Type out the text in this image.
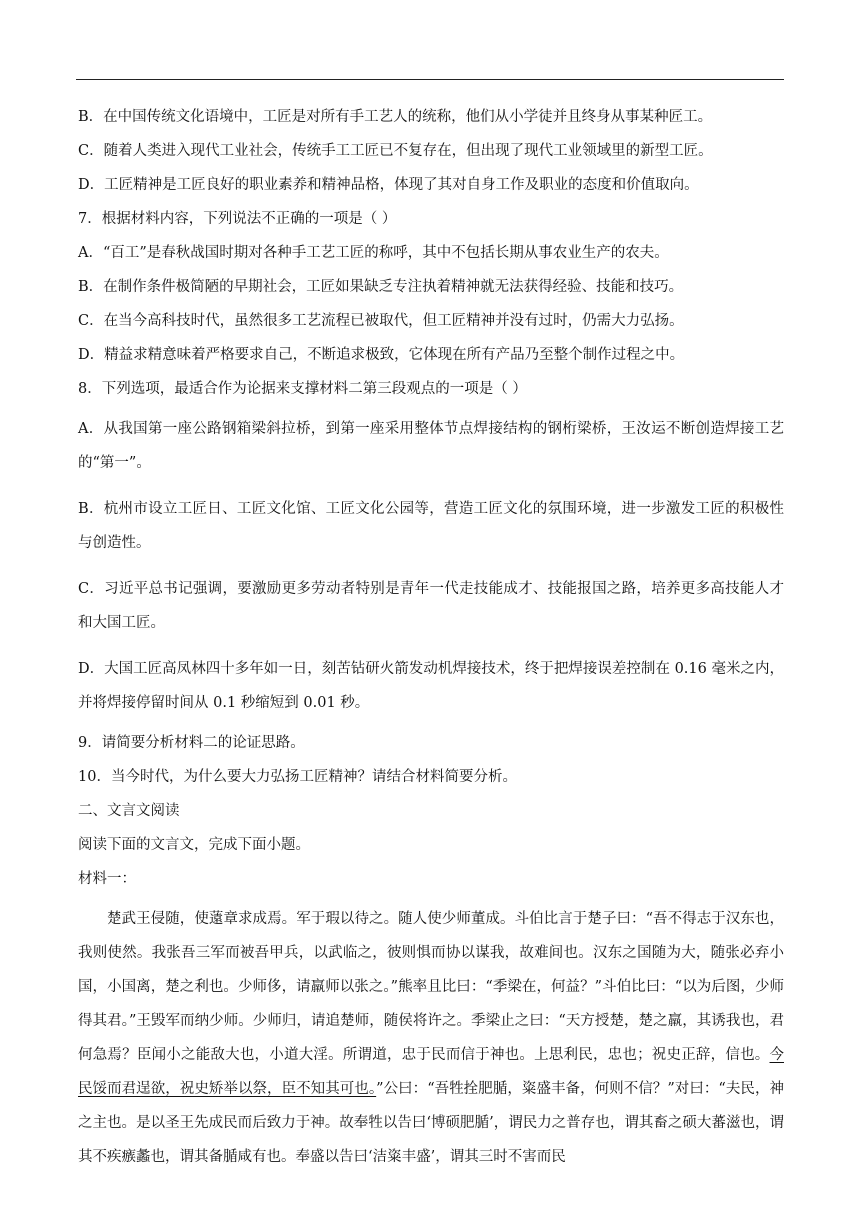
B．在中国传统文化语境中，工匠是对所有手工艺人的统称，他们从小学徒并且终身从事某种匠工。

C．随着人类进入现代工业社会，传统手工工匠已不复存在，但出现了现代工业领域里的新型工匠。

D．工匠精神是工匠良好的职业素养和精神品格，体现了其对自身工作及职业的态度和价值取向。

7．根据材料内容，下列说法不正确的一项是（ ）

A．“百工”是春秋战国时期对各种手工艺工匠的称呼，其中不包括长期从事农业生产的农夫。

B．在制作条件极简陋的早期社会，工匠如果缺乏专注执着精神就无法获得经验、技能和技巧。

C．在当今高科技时代，虽然很多工艺流程已被取代，但工匠精神并没有过时，仍需大力弘扬。

D．精益求精意味着严格要求自己，不断追求极致，它体现在所有产品乃至整个制作过程之中。

8．下列选项，最适合作为论据来支撑材料二第三段观点的一项是（ ）

A．从我国第一座公路钢箱梁斜拉桥，到第一座采用整体节点焊接结构的钢桁梁桥，王汝运不断创造焊接工艺的“第一”。

B．杭州市设立工匠日、工匠文化馆、工匠文化公园等，营造工匠文化的氛围环境，进一步激发工匠的积极性与创造性。

C．习近平总书记强调，要激励更多劳动者特别是青年一代走技能成才、技能报国之路，培养更多高技能人才和大国工匠。

D．大国工匠高凤林四十多年如一日，刻苦钻研火箭发动机焊接技术，终于把焊接误差控制在 0.16 毫米之内，并将焊接停留时间从 0.1 秒缩短到 0.01 秒。

9．请简要分析材料二的论证思路。

10．当今时代，为什么要大力弘扬工匠精神？请结合材料简要分析。

二、文言文阅读

阅读下面的文言文，完成下面小题。

材料一：

楚武王侵随，使薳章求成焉。军于瑕以待之。随人使少师董成。斗伯比言于楚子曰：“吾不得志于汉东也，我则使然。我张吾三军而被吾甲兵，以武临之，彼则惧而协以谋我，故难间也。汉东之国随为大，随张必弃小国，小国离，楚之利也。少师侈，请羸师以张之。”熊率且比曰：“季梁在，何益？”斗伯比曰：“以为后图，少师得其君。”王毁军而纳少师。少师归，请追楚师，随侯将许之。季梁止之曰：“天方授楚，楚之羸，其诱我也，君何急焉？臣闻小之能敌大也，小道大淫。所谓道，忠于民而信于神也。上思利民，忠也；祝史正辞，信也。今民馁而君逞欲，祝史矫举以祭，臣不知其可也。”公曰：“吾牲拴肥腯，粢盛丰备，何则不信？”对曰：“夫民，神之主也。是以圣王先成民而后致力于神。故奉牲以告曰‘博硕肥腯’，谓民力之普存也，谓其畜之硕大蕃滋也，谓其不疾瘯蠡也，谓其备腯咸有也。奉盛以告曰‘洁粢丰盛’，谓其三时不害而民
